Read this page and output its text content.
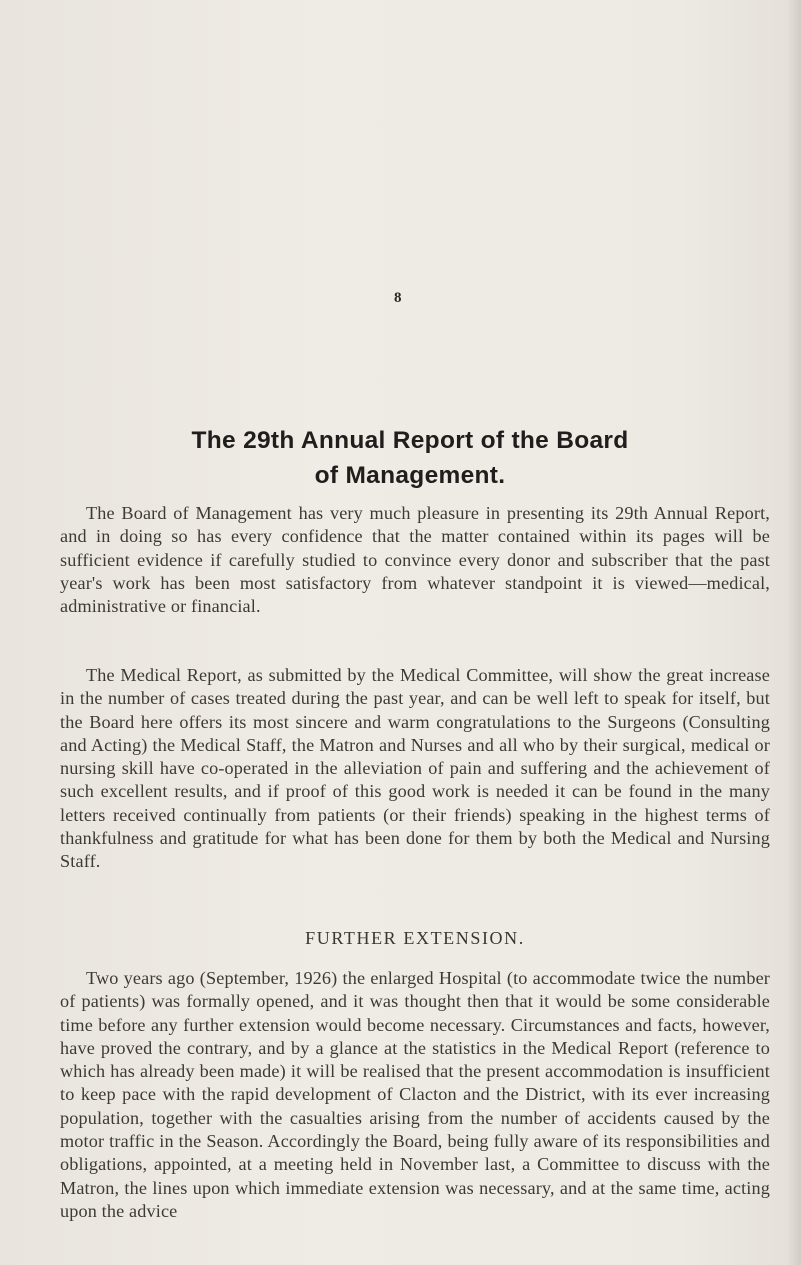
8
The 29th Annual Report of the Board
of Management.

The Board of Management has very much pleasure in presenting its 29th Annual Report, and in doing so has every confidence that the matter contained within its pages will be sufficient evidence if carefully studied to convince every donor and subscriber that the past year's work has been most satisfactory from whatever standpoint it is viewed—medical, administrative or financial.

The Medical Report, as submitted by the Medical Committee, will show the great increase in the number of cases treated during the past year, and can be well left to speak for itself, but the Board here offers its most sincere and warm congratulations to the Surgeons (Consulting and Acting) the Medical Staff, the Matron and Nurses and all who by their surgical, medical or nursing skill have co-operated in the alleviation of pain and suffering and the achievement of such excellent results, and if proof of this good work is needed it can be found in the many letters received continually from patients (or their friends) speaking in the highest terms of thankfulness and gratitude for what has been done for them by both the Medical and Nursing Staff.

FURTHER EXTENSION.

Two years ago (September, 1926) the enlarged Hospital (to accommodate twice the number of patients) was formally opened, and it was thought then that it would be some considerable time before any further extension would become necessary. Circumstances and facts, however, have proved the contrary, and by a glance at the statistics in the Medical Report (reference to which has already been made) it will be realised that the present accommodation is insufficient to keep pace with the rapid development of Clacton and the District, with its ever increasing population, together with the casualties arising from the number of accidents caused by the motor traffic in the Season. Accordingly the Board, being fully aware of its responsibilities and obligations, appointed, at a meeting held in November last, a Committee to discuss with the Matron, the lines upon which immediate extension was necessary, and at the same time, acting upon the advice
